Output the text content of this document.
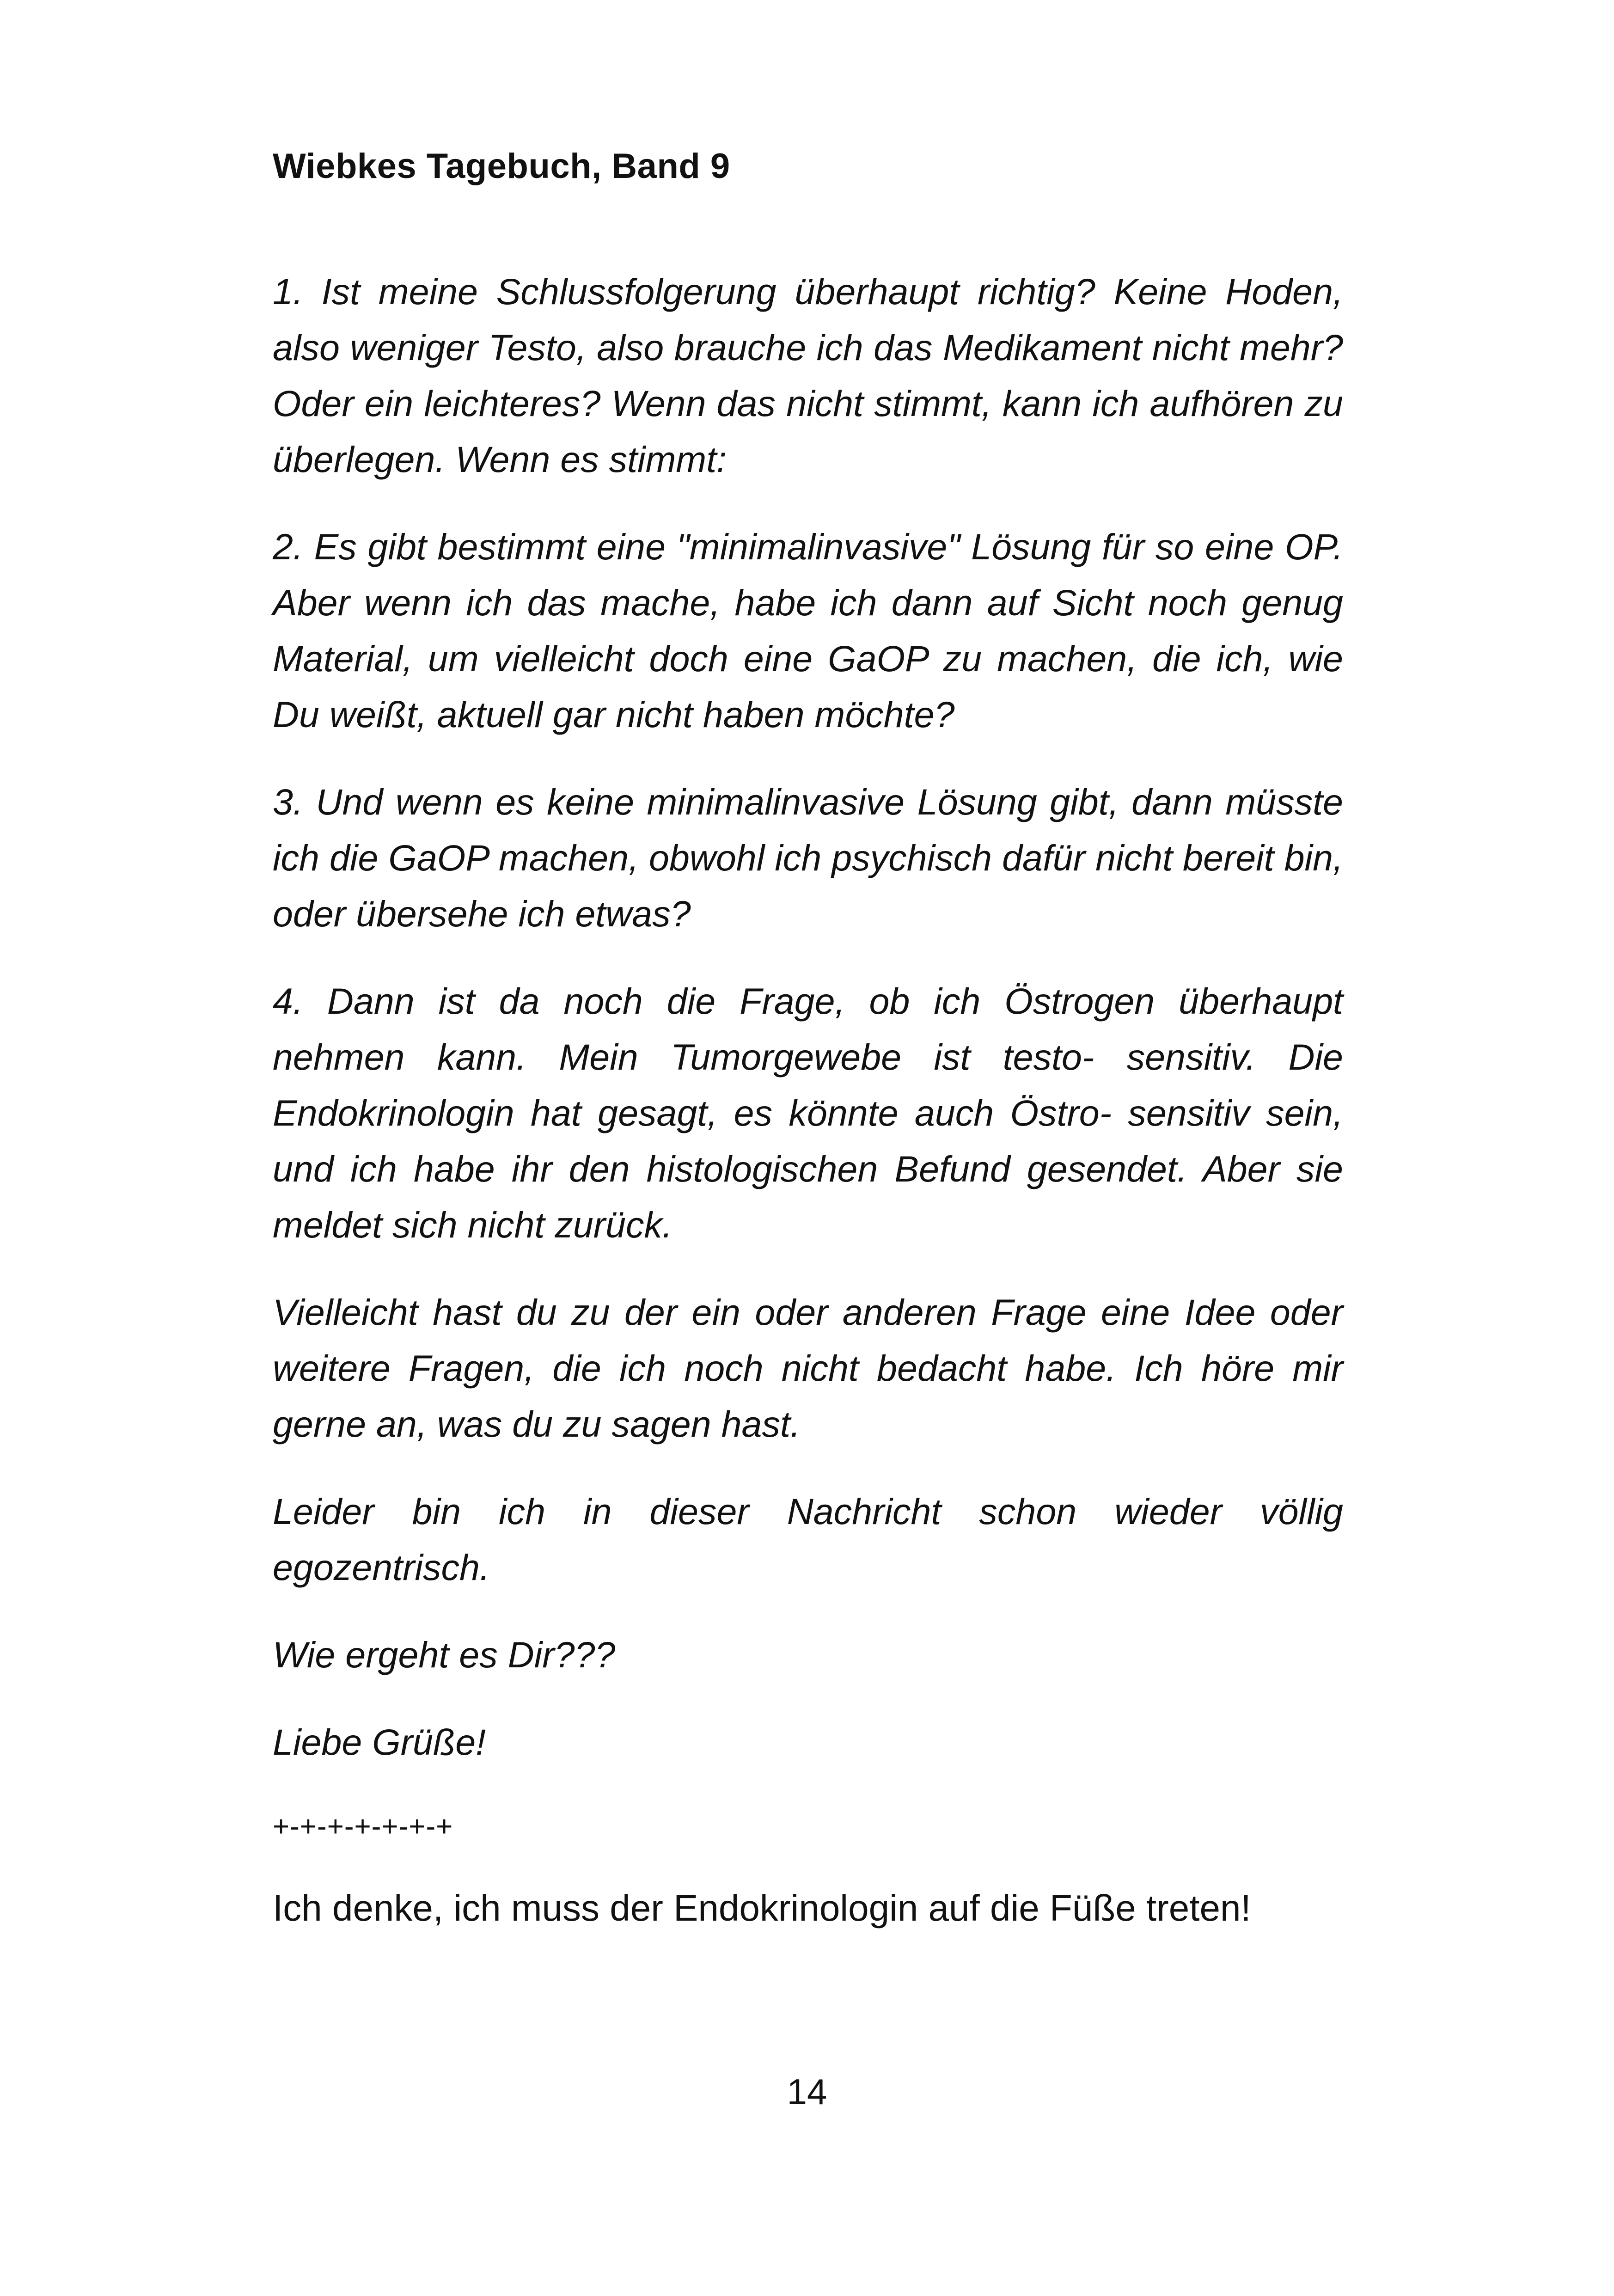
Wiebkes Tagebuch, Band 9

1. Ist meine Schlussfolgerung überhaupt richtig? Keine Hoden, also weniger Testo, also brauche ich das Medikament nicht mehr? Oder ein leichteres? Wenn das nicht stimmt, kann ich aufhören zu überlegen. Wenn es stimmt:

2. Es gibt bestimmt eine "minimalinvasive" Lösung für so eine OP. Aber wenn ich das mache, habe ich dann auf Sicht noch genug Material, um vielleicht doch eine GaOP zu machen, die ich, wie Du weißt, aktuell gar nicht haben möchte?

3. Und wenn es keine minimalinvasive Lösung gibt, dann müsste ich die GaOP machen, obwohl ich psychisch dafür nicht bereit bin, oder übersehe ich etwas?

4. Dann ist da noch die Frage, ob ich Östrogen überhaupt nehmen kann. Mein Tumorgewebe ist testo- sensitiv. Die Endokrinologin hat gesagt, es könnte auch Östro- sensitiv sein, und ich habe ihr den histologischen Befund gesendet. Aber sie meldet sich nicht zurück.

Vielleicht hast du zu der ein oder anderen Frage eine Idee oder weitere Fragen, die ich noch nicht bedacht habe. Ich höre mir gerne an, was du zu sagen hast.

Leider bin ich in dieser Nachricht schon wieder völlig egozentrisch.

Wie ergeht es Dir???

Liebe Grüße!

+-+-+-+-+-+-+

Ich denke, ich muss der Endokrinologin auf die Füße treten!

14
